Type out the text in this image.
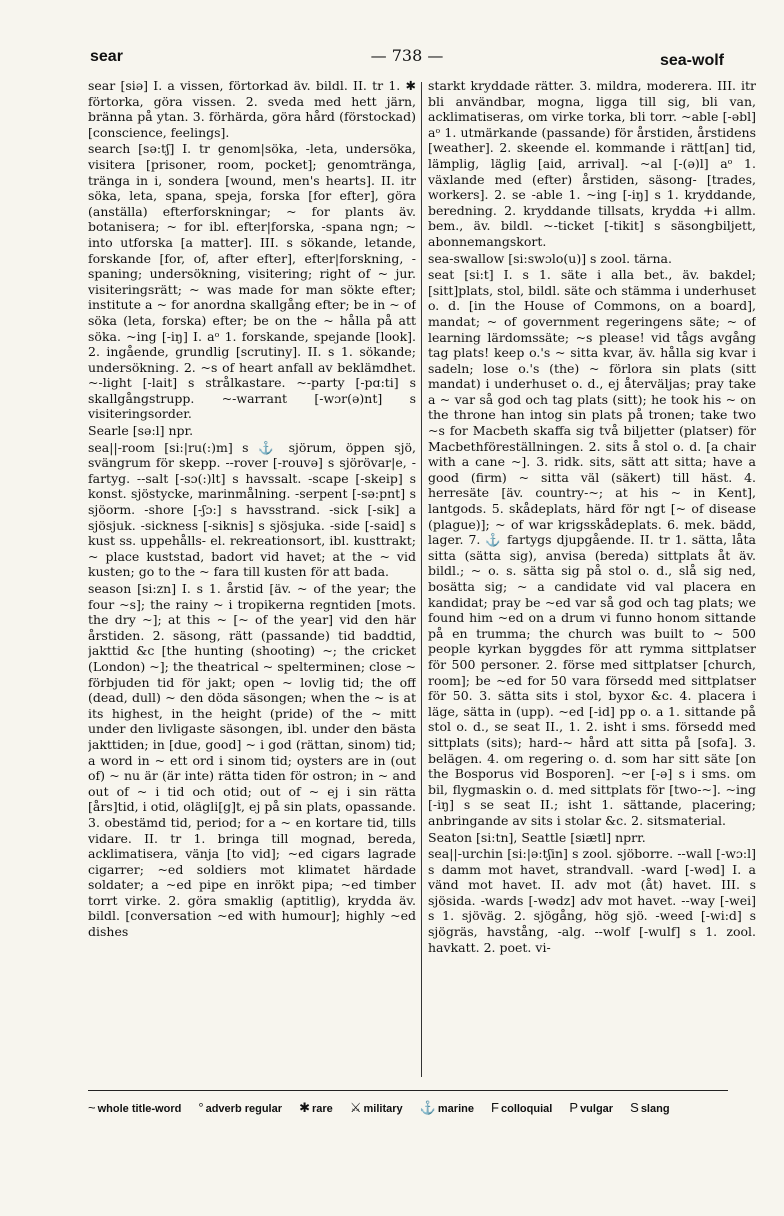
sear	— 738 —	sea-wolf

sear [siə] I. a vissen, förtorkad äv. bildl. II. tr 1. ✱ förtorka, göra vissen. 2. sveda med hett järn, bränna på ytan. 3. förhärda, göra hård (förstockad) [conscience, feelings].

search [sə:tʃ] I. tr genom|söka, -leta, undersöka, visitera [prisoner, room, pocket]; genomtränga, tränga in i, sondera [wound, men's hearts]. II. itr söka, leta, spana, speja, forska [for efter], göra (anställa) efterforskningar; ~ for plants äv. botanisera; ~ for ibl. efter|forska, -spana ngn; ~ into utforska [a matter]. III. s sökande, letande, forskande [for, of, after efter], efter|forskning, -spaning; undersökning, visitering; right of ~ jur. visiteringsrätt; ~ was made for man sökte efter; institute a ~ for anordna skallgång efter; be in ~ of söka (leta, forska) efter; be on the ~ hålla på att söka. ~ing [-iŋ] I. aᵒ 1. forskande, spejande [look]. 2. ingående, grundlig [scrutiny]. II. s 1. sökande; undersökning. 2. ~s of heart anfall av beklämdhet. ~-light [-lait] s strålkastare. ~-party [-pɑ:ti] s skallgångstrupp. ~-warrant [-wɔr(ə)nt] s visiteringsorder.

Searle [sə:l] npr.

sea||-room [si:|ru(:)m] s ⚓ sjörum, öppen sjö, svängrum för skepp. --rover [-rouvə] s sjörövar|e, -fartyg. --salt [-sɔ(:)lt] s havssalt. -scape [-skeip] s konst. sjöstycke, marinmålning. -serpent [-sə:pnt] s sjöorm. -shore [-ʃɔ:] s havsstrand. -sick [-sik] a sjösjuk. -sickness [-siknis] s sjösjuka. -side [-said] s kust ss. uppehålls- el. rekreationsort, ibl. kusttrakt; ~ place kuststad, badort vid havet; at the ~ vid kusten; go to the ~ fara till kusten för att bada.

season [si:zn] I. s 1. årstid [äv. ~ of the year; the four ~s]; the rainy ~ i tropikerna regntiden [mots. the dry ~]; at this ~ [~ of the year] vid den här årstiden. 2. säsong, rätt (passande) tid baddtid, jakttid &c [the hunting (shooting) ~; the cricket (London) ~]; the theatrical ~ spelterminen; close ~ förbjuden tid för jakt; open ~ lovlig tid; the off (dead, dull) ~ den döda säsongen; when the ~ is at its highest, in the height (pride) of the ~ mitt under den livligaste säsongen, ibl. under den bästa jakttiden; in [due, good] ~ i god (rättan, sinom) tid; a word in ~ ett ord i sinom tid; oysters are in (out of) ~ nu är (är inte) rätta tiden för ostron; in ~ and out of ~ i tid och otid; out of ~ ej i sin rätta [års]tid, i otid, olägli[g]t, ej på sin plats, opassande. 3. obestämd tid, period; for a ~ en kortare tid, tills vidare. II. tr 1. bringa till mognad, bereda, acklimatisera, vänja [to vid]; ~ed cigars lagrade cigarrer; ~ed soldiers mot klimatet härdade soldater; a ~ed pipe en inrökt pipa; ~ed timber torrt virke. 2. göra smaklig (aptitlig), krydda äv. bildl. [conversation ~ed with humour]; highly ~ed dishes

starkt kryddade rätter. 3. mildra, moderera. III. itr bli användbar, mogna, ligga till sig, bli van, acklimatiseras, om virke torka, bli torr. ~able [-əbl] aᵒ 1. utmärkande (passande) för årstiden, årstidens [weather]. 2. skeende el. kommande i rätt[an] tid, lämplig, läglig [aid, arrival]. ~al [-(ə)l] aᵒ 1. växlande med (efter) årstiden, säsong- [trades, workers]. 2. se -able 1. ~ing [-iŋ] s 1. kryddande, beredning. 2. kryddande tillsats, krydda +i allm. bem., äv. bildl. ~-ticket [-tikit] s säsongbiljett, abonnemangskort.

sea-swallow [si:swɔlo(u)] s zool. tärna.

seat [si:t] I. s 1. säte i alla bet., äv. bakdel; [sitt]plats, stol, bildl. säte och stämma i underhuset o. d. [in the House of Commons, on a board], mandat; ~ of government regeringens säte; ~ of learning lärdomssäte; ~s please! vid tågs avgång tag plats! keep o.'s ~ sitta kvar, äv. hålla sig kvar i sadeln; lose o.'s (the) ~ förlora sin plats (sitt mandat) i underhuset o. d., ej återväljas; pray take a ~ var så god och tag plats (sitt); he took his ~ on the throne han intog sin plats på tronen; take two ~s for Macbeth skaffa sig två biljetter (platser) för Macbethföreställningen. 2. sits å stol o. d. [a chair with a cane ~]. 3. ridk. sits, sätt att sitta; have a good (firm) ~ sitta väl (säkert) till häst. 4. herresäte [äv. country-~; at his ~ in Kent], lantgods. 5. skådeplats, härd för ngt [~ of disease (plague)]; ~ of war krigsskådeplats. 6. mek. bädd, lager. 7. ⚓ fartygs djupgående. II. tr 1. sätta, låta sitta (sätta sig), anvisa (bereda) sittplats åt äv. bildl.; ~ o. s. sätta sig på stol o. d., slå sig ned, bosätta sig; ~ a candidate vid val placera en kandidat; pray be ~ed var så god och tag plats; we found him ~ed on a drum vi funno honom sittande på en trumma; the church was built to ~ 500 people kyrkan byggdes för att rymma sittplatser för 500 personer. 2. förse med sittplatser [church, room]; be ~ed for 50 vara försedd med sittplatser för 50. 3. sätta sits i stol, byxor &c. 4. placera i läge, sätta in (upp). ~ed [-id] pp o. a 1. sittande på stol o. d., se seat II., 1. 2. isht i sms. försedd med sittplats (sits); hard-~ hård att sitta på [sofa]. 3. belägen. 4. om regering o. d. som har sitt säte [on the Bosporus vid Bosporen]. ~er [-ə] s i sms. om bil, flygmaskin o. d. med sittplats för [two-~]. ~ing [-iŋ] s se seat II.; isht 1. sättande, placering; anbringande av sits i stolar &c. 2. sitsmaterial.

Seaton [si:tn], Seattle [siætl] nprr.

sea||-urchin [si:|ə:tʃin] s zool. sjöborre. --wall [-wɔ:l] s damm mot havet, strandvall. -ward [-wəd] I. a vänd mot havet. II. adv mot (åt) havet. III. s sjösida. -wards [-wədz] adv mot havet. --way [-wei] s 1. sjöväg. 2. sjögång, hög sjö. -weed [-wi:d] s sjögräs, havstång, -alg. --wolf [-wulf] s 1. zool. havkatt. 2. poet. vi-

~ whole title-word ° adverb regular ✱ rare ⚔ military ⚓ marine F colloquial P vulgar S slang
